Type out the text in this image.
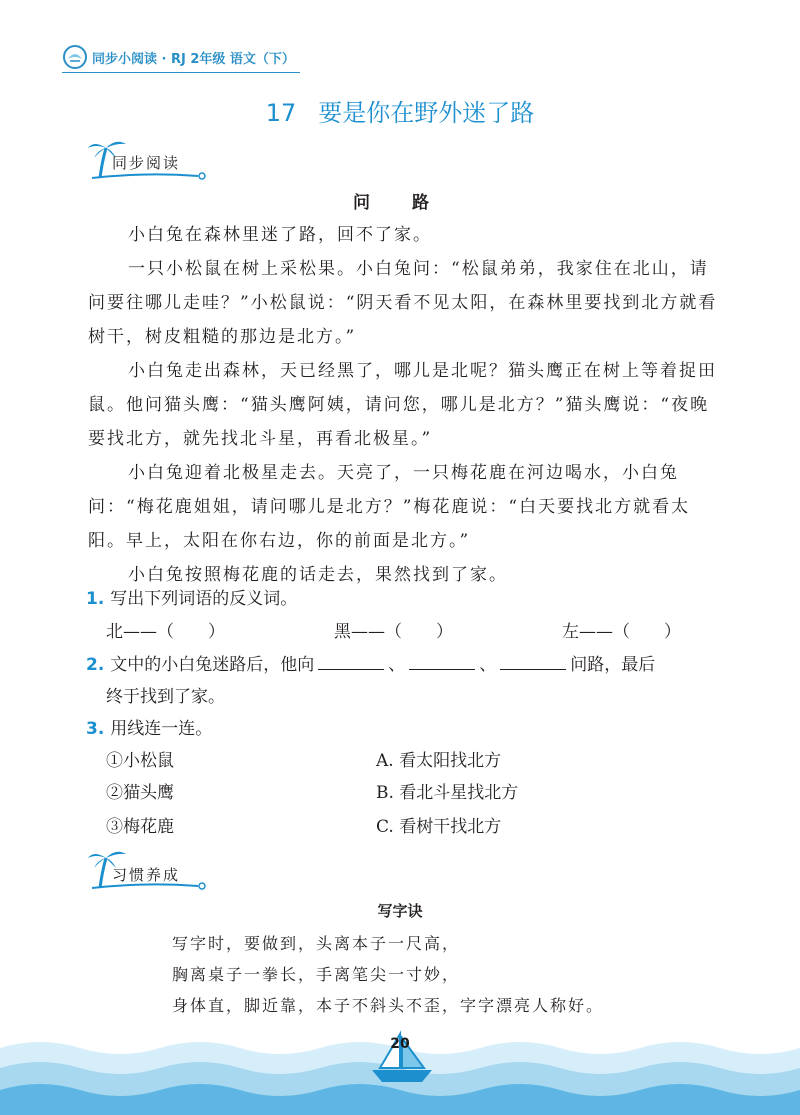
同步小阅读 · RJ 2年级 语文（下）
17 要是你在野外迷了路
同步阅读
问 路

小白兔在森林里迷了路，回不了家。

一只小松鼠在树上采松果。小白兔问：“松鼠弟弟，我家住在北山，请问要往哪儿走哇？”小松鼠说：“阴天看不见太阳，在森林里要找到北方就看树干，树皮粗糙的那边是北方。”

小白兔走出森林，天已经黑了，哪儿是北呢？猫头鹰正在树上等着捉田鼠。他问猫头鹰：“猫头鹰阿姨，请问您，哪儿是北方？”猫头鹰说：“夜晚要找北方，就先找北斗星，再看北极星。”

小白兔迎着北极星走去。天亮了，一只梅花鹿在河边喝水，小白兔问：“梅花鹿姐姐，请问哪儿是北方？”梅花鹿说：“白天要找北方就看太阳。早上，太阳在你右边，你的前面是北方。”

小白兔按照梅花鹿的话走去，果然找到了家。

1. 写出下列词语的反义词。
北——（　　）	黑——（　　）	左——（　　）
2. 文中的小白兔迷路后，他向	、	、	问路，最后
终于找到了家。
3. 用线连一连。
①小松鼠
②猫头鹰
③梅花鹿
A. 看太阳找北方
B. 看北斗星找北方
C. 看树干找北方
习惯养成
写字诀
写字时，要做到，头离本子一尺高，
胸离桌子一拳长，手离笔尖一寸妙，
身体直，脚近靠，本子不斜头不歪，字字漂亮人称好。
20
